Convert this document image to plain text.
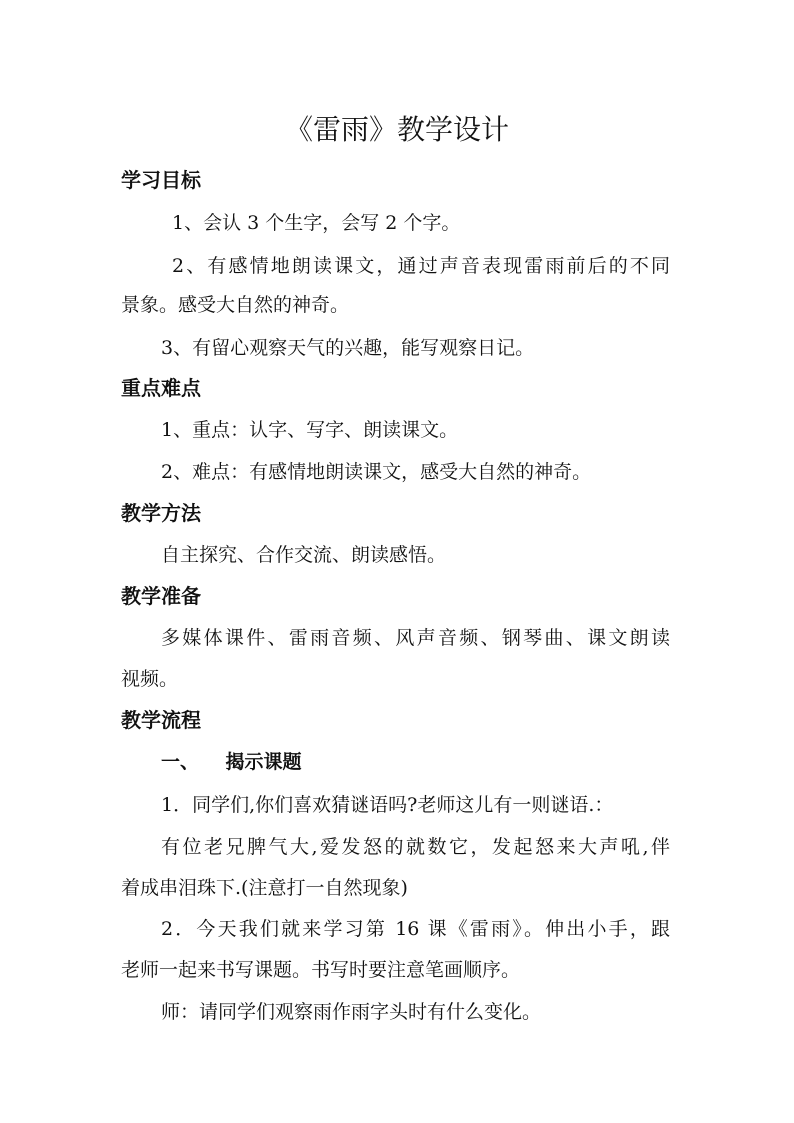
《雷雨》教学设计
学习目标
1、会认 3 个生字，会写 2 个字。
2、有感情地朗读课文，通过声音表现雷雨前后的不同
景象。感受大自然的神奇。
3、有留心观察天气的兴趣，能写观察日记。
重点难点
1、重点：认字、写字、朗读课文。
2、难点：有感情地朗读课文，感受大自然的神奇。
教学方法
自主探究、合作交流、朗读感悟。
教学准备
多媒体课件、雷雨音频、风声音频、钢琴曲、课文朗读
视频。
教学流程
一、    揭示课题
1．同学们,你们喜欢猜谜语吗?老师这儿有一则谜语.：
有位老兄脾气大,爱发怒的就数它，发起怒来大声吼,伴
着成串泪珠下.(注意打一自然现象)
2．今天我们就来学习第 16 课《雷雨》。伸出小手，跟
老师一起来书写课题。书写时要注意笔画顺序。
师：请同学们观察雨作雨字头时有什么变化。
